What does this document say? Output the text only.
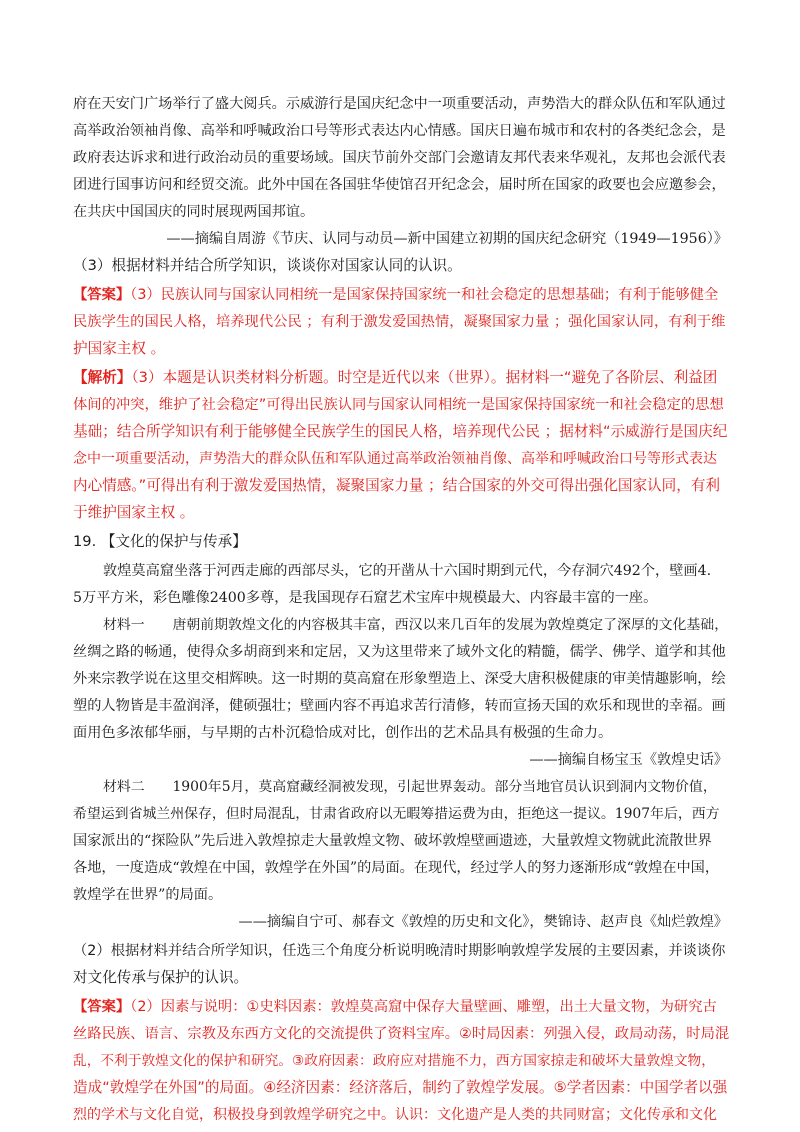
府在天安门广场举行了盛大阅兵。示威游行是国庆纪念中一项重要活动，声势浩大的群众队伍和军队通过
高举政治领袖肖像、高举和呼喊政治口号等形式表达内心情感。国庆日遍布城市和农村的各类纪念会，是
政府表达诉求和进行政治动员的重要场域。国庆节前外交部门会邀请友邦代表来华观礼，友邦也会派代表
团进行国事访问和经贸交流。此外中国在各国驻华使馆召开纪念会，届时所在国家的政要也会应邀参会，
在共庆中国国庆的同时展现两国邦谊。
——摘编自周游《节庆、认同与动员—新中国建立初期的国庆纪念研究（1949—1956）》
（3）根据材料并结合所学知识，谈谈你对国家认同的认识。
【答案】（3）民族认同与国家认同相统一是国家保持国家统一和社会稳定的思想基础；有利于能够健全
民族学生的国民人格，培养现代公民 ；有利于激发爱国热情，凝聚国家力量 ；强化国家认同，有利于维
护国家主权 。
【解析】（3）本题是认识类材料分析题。时空是近代以来（世界）。据材料一“避免了各阶层、利益团
体间的冲突，维护了社会稳定”可得出民族认同与国家认同相统一是国家保持国家统一和社会稳定的思想
基础；结合所学知识有利于能够健全民族学生的国民人格，培养现代公民 ；据材料“示威游行是国庆纪
念中一项重要活动，声势浩大的群众队伍和军队通过高举政治领袖肖像、高举和呼喊政治口号等形式表达
内心情感。”可得出有利于激发爱国热情，凝聚国家力量 ；结合国家的外交可得出强化国家认同，有利
于维护国家主权 。
19. 【文化的保护与传承】
敦煌莫高窟坐落于河西走廊的西部尽头，它的开凿从十六国时期到元代，今存洞穴492个，壁画4.
5万平方米，彩色雕像2400多尊，是我国现存石窟艺术宝库中规模最大、内容最丰富的一座。
材料一　　唐朝前期敦煌文化的内容极其丰富，西汉以来几百年的发展为敦煌奠定了深厚的文化基础，
丝绸之路的畅通，使得众多胡商到来和定居，又为这里带来了域外文化的精髓，儒学、佛学、道学和其他
外来宗教学说在这里交相辉映。这一时期的莫高窟在形象塑造上、深受大唐积极健康的审美情趣影响，绘
塑的人物皆是丰盈润泽，健硕强壮；壁画内容不再追求苦行清修，转而宣扬天国的欢乐和现世的幸福。画
面用色多浓郁华丽，与早期的古朴沉稳恰成对比，创作出的艺术品具有极强的生命力。
——摘编自杨宝玉《敦煌史话》
材料二　　1900年5月，莫高窟藏经洞被发现，引起世界轰动。部分当地官员认识到洞内文物价值，
希望运到省城兰州保存，但时局混乱，甘肃省政府以无暇筹措运费为由，拒绝这一提议。1907年后，西方
国家派出的“探险队”先后进入敦煌掠走大量敦煌文物、破坏敦煌壁画遗迹，大量敦煌文物就此流散世界
各地，一度造成“敦煌在中国，敦煌学在外国”的局面。在现代，经过学人的努力逐渐形成“敦煌在中国，
敦煌学在世界”的局面。
——摘编自宁可、郝春文《敦煌的历史和文化》，樊锦诗、赵声良《灿烂敦煌》
（2）根据材料并结合所学知识，任选三个角度分析说明晚清时期影响敦煌学发展的主要因素，并谈谈你
对文化传承与保护的认识。
【答案】（2）因素与说明：①史料因素：敦煌莫高窟中保存大量壁画、雕塑，出土大量文物，为研究古
丝路民族、语言、宗教及东西方文化的交流提供了资料宝库。②时局因素：列强入侵，政局动荡，时局混
乱，不利于敦煌文化的保护和研究。③政府因素：政府应对措施不力，西方国家掠走和破坏大量敦煌文物，
造成“敦煌学在外国”的局面。④经济因素：经济落后，制约了敦煌学发展。⑤学者因素：中国学者以强
烈的学术与文化自觉，积极投身到敦煌学研究之中。认识：文化遗产是人类的共同财富；文化传承和文化
